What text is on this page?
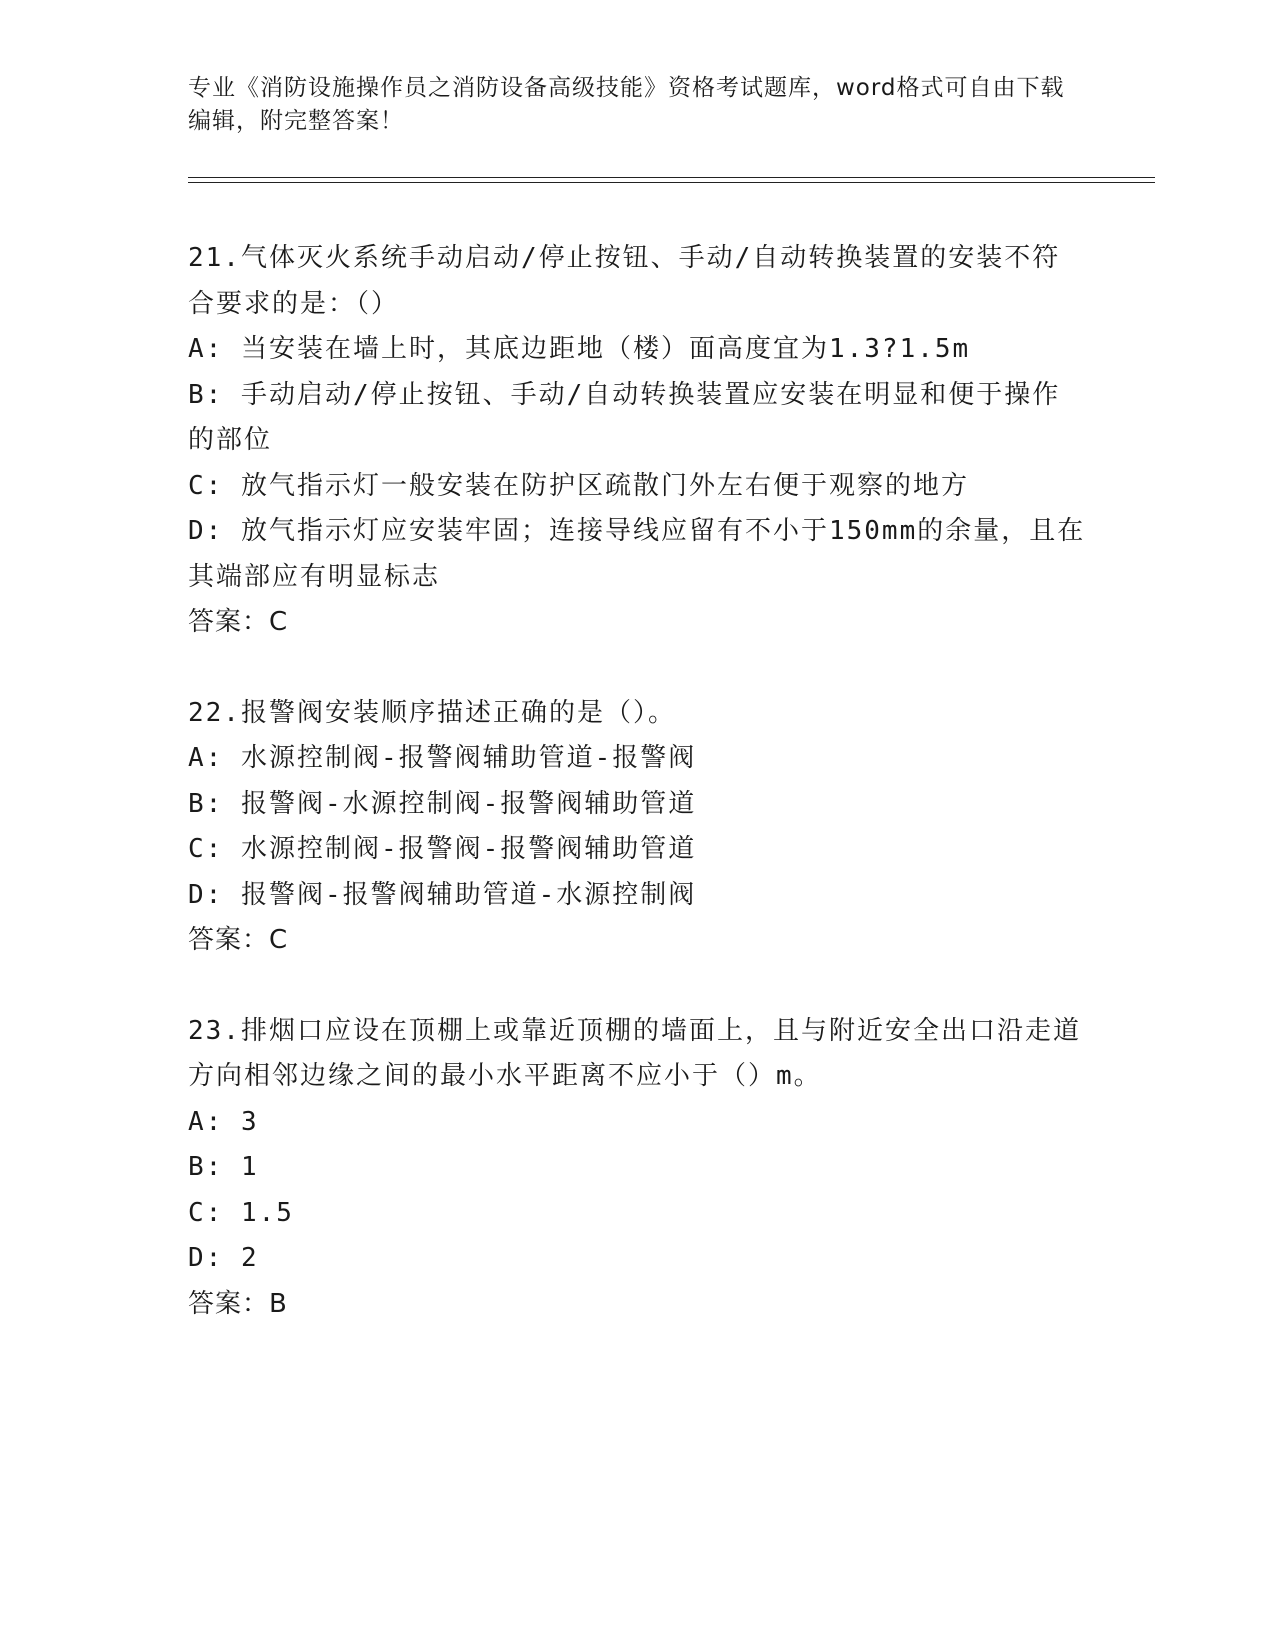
专业《消防设施操作员之消防设备高级技能》资格考试题库，word格式可自由下载编辑，附完整答案！
21.气体灭火系统手动启动/停止按钮、手动/自动转换装置的安装不符合要求的是：（）
A: 当安装在墙上时，其底边距地（楼）面高度宜为1.3?1.5m
B: 手动启动/停止按钮、手动/自动转换装置应安装在明显和便于操作的部位
C: 放气指示灯一般安装在防护区疏散门外左右便于观察的地方
D: 放气指示灯应安装牢固；连接导线应留有不小于150mm的余量，且在其端部应有明显标志
答案：C
22.报警阀安装顺序描述正确的是（）。
A: 水源控制阀-报警阀辅助管道-报警阀
B: 报警阀-水源控制阀-报警阀辅助管道
C: 水源控制阀-报警阀-报警阀辅助管道
D: 报警阀-报警阀辅助管道-水源控制阀
答案：C
23.排烟口应设在顶棚上或靠近顶棚的墙面上，且与附近安全出口沿走道方向相邻边缘之间的最小水平距离不应小于（）m。
A: 3
B: 1
C: 1.5
D: 2
答案：B
